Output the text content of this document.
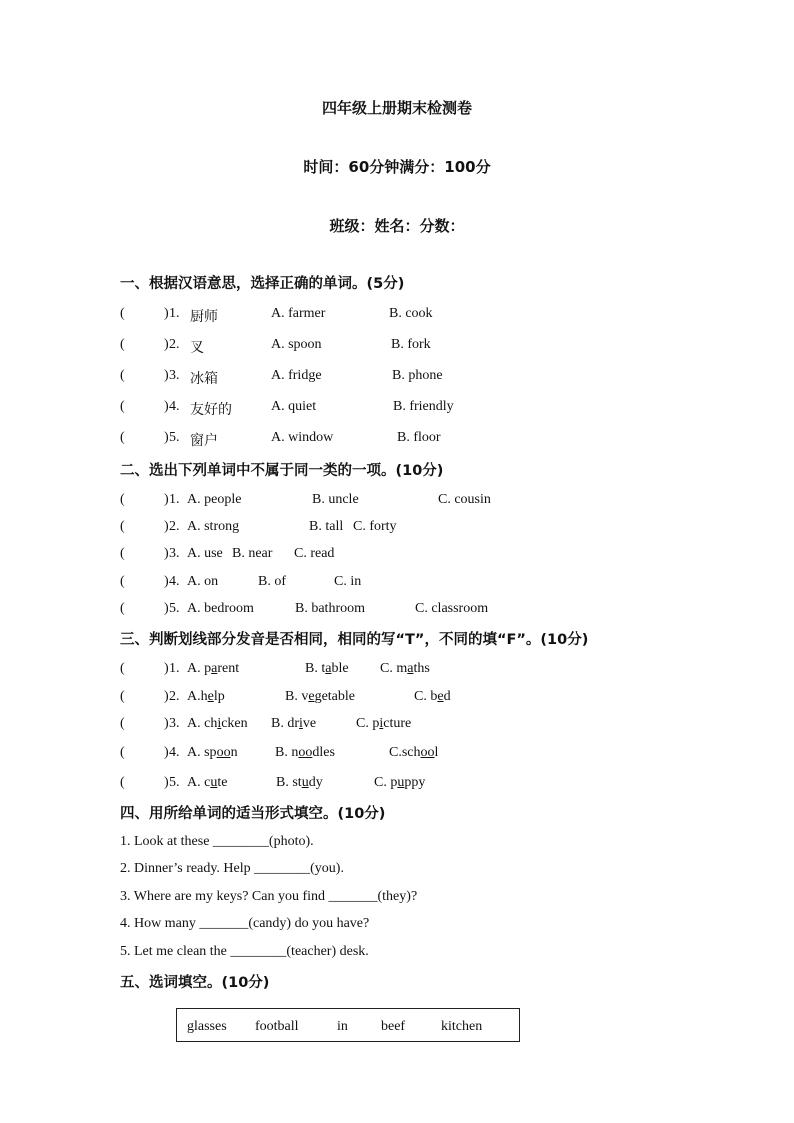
四年级上册期末检测卷
时间：60分钟满分：100分
班级：姓名：分数：
一、根据汉语意思，选择正确的单词。(5分)
(	) 1. 厨师	A. farmer	B. cook
(	) 2. 叉	A. spoon	B. fork
(	) 3. 冰箱	A. fridge	B. phone
(	) 4. 友好的	A. quiet	B. friendly
(	) 5. 窗户	A. window	B. floor
二、选出下列单词中不属于同一类的一项。(10分)
(	) 1. A. people	B. uncle	C. cousin
(	) 2. A. strong	B. tall C. forty
(	) 3. A. use B. near C. read
(	) 4. A. on	B. of	C. in
(	) 5. A. bedroom	B. bathroom	C. classroom
三、判断划线部分发音是否相同，相同的写“T”，不同的填“F”。(10分)
(	) 1. A. parent	B. table C. maths
(	) 2. A.help	B. vegetable	C. bed
(	) 3. A. chicken B. drive	C. picture
(	) 4. A. spoon	B. noodles	C.school
(	) 5. A. cute	B. study	C. puppy
四、用所给单词的适当形式填空。(10分)
1. Look at these ________(photo).
2. Dinner’s ready. Help ________(you).
3. Where are my keys? Can you find _______(they)?
4. How many _______(candy) do you have?
5. Let me clean the ________(teacher) desk.
五、选词填空。(10分)
glasses football	in beef	kitchen
